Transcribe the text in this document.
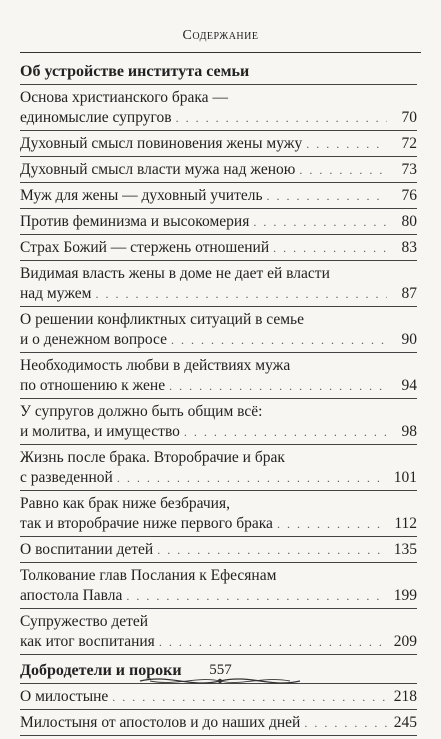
Содержание
Об устройстве института семьи
Основа христианского брака —
единомыслие супругов . . .	70
Духовный смысл повиновения жены мужу . . .	72
Духовный смысл власти мужа над женою . . .	73
Муж для жены — духовный учитель . . .	76
Против феминизма и высокомерия . . .	80
Страх Божий — стержень отношений . . .	83
Видимая власть жены в доме не дает ей власти
над мужем . . .	87
О решении конфликтных ситуаций в семье
и о денежном вопросе . . .	90
Необходимость любви в действиях мужа
по отношению к жене . . .	94
У супругов должно быть общим всё:
и молитва, и имущество . . .	98
Жизнь после брака. Второбрачие и брак
с разведенной . . .	101
Равно как брак ниже безбрачия,
так и второбрачие ниже первого брака . . .	112
О воспитании детей . . .	135
Толкование глав Послания к Ефесянам
апостола Павла . . .	199
Супружество детей
как итог воспитания . . .	209
Добродетели и пороки
О милостыне . . .	218
Милостыня от апостолов и до наших дней . . .	245
557
